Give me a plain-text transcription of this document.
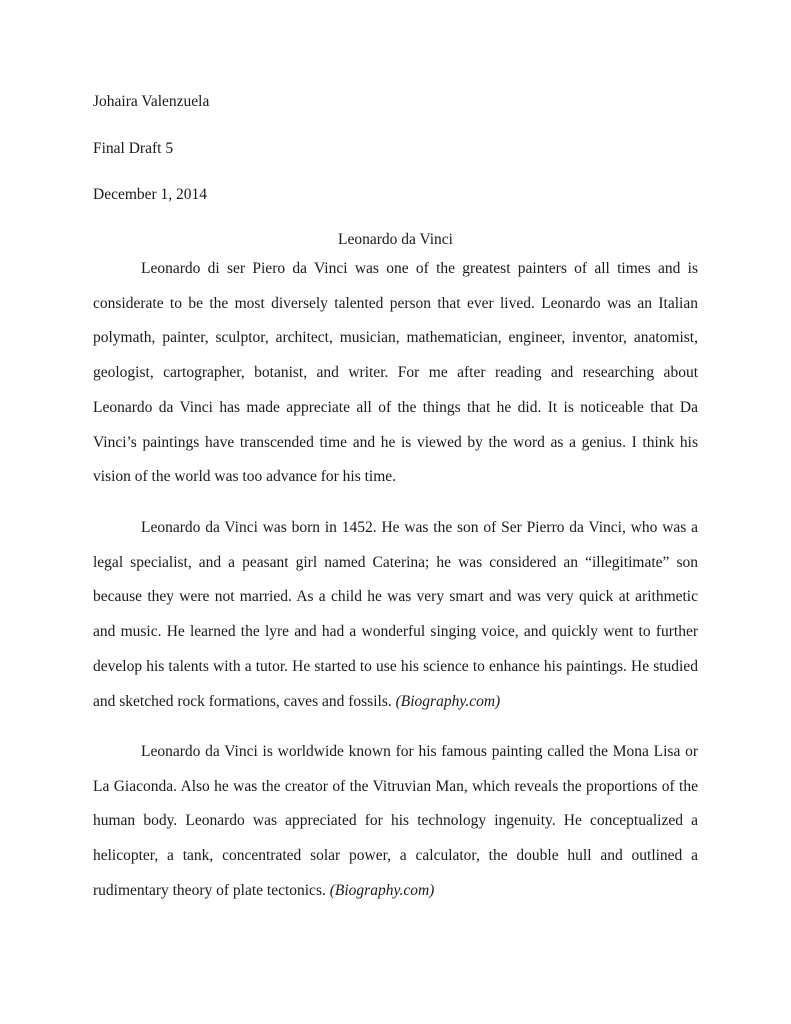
Johaira Valenzuela

Final Draft 5

December 1, 2014

Leonardo da Vinci

Leonardo di ser Piero da Vinci was one of the greatest painters of all times and is considerate to be the most diversely talented person that ever lived. Leonardo was an Italian polymath, painter, sculptor, architect, musician, mathematician, engineer, inventor, anatomist, geologist, cartographer, botanist, and writer. For me after reading and researching about Leonardo da Vinci has made appreciate all of the things that he did. It is noticeable that Da Vinci’s paintings have transcended time and he is viewed by the word as a genius. I think his vision of the world was too advance for his time.

Leonardo da Vinci was born in 1452. He was the son of Ser Pierro da Vinci, who was a legal specialist, and a peasant girl named Caterina; he was considered an “illegitimate” son because they were not married. As a child he was very smart and was very quick at arithmetic and music. He learned the lyre and had a wonderful singing voice, and quickly went to further develop his talents with a tutor. He started to use his science to enhance his paintings. He studied and sketched rock formations, caves and fossils. (Biography.com)

Leonardo da Vinci is worldwide known for his famous painting called the Mona Lisa or La Giaconda. Also he was the creator of the Vitruvian Man, which reveals the proportions of the human body. Leonardo was appreciated for his technology ingenuity. He conceptualized a helicopter, a tank, concentrated solar power, a calculator, the double hull and outlined a rudimentary theory of plate tectonics. (Biography.com)
